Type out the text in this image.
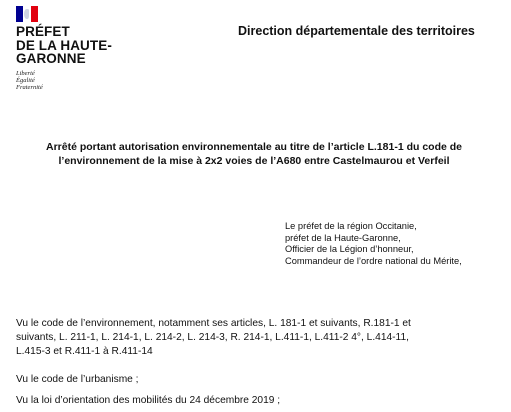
PRÉFET
DE LA HAUTE-
GARONNE
Liberté
Égalité
Fraternité
Direction départementale des territoires
Arrêté portant autorisation environnementale au titre de l’article L.181-1 du code de
l’environnement de la mise à 2x2 voies de l’A680 entre Castelmaurou et Verfeil
Le préfet de la région Occitanie,
préfet de la Haute-Garonne,
Officier de la Légion d’honneur,
Commandeur de l’ordre national du Mérite,
Vu le code de l’environnement, notamment ses articles, L. 181-1 et suivants, R.181-1 et
suivants, L. 211-1, L. 214-1, L. 214-2, L. 214-3, R. 214-1, L.411-1, L.411-2 4°, L.414-11,
L.415-3 et R.411-1 à R.411-14
Vu le code de l’urbanisme ;
Vu la loi d’orientation des mobilités du 24 décembre 2019 ;
